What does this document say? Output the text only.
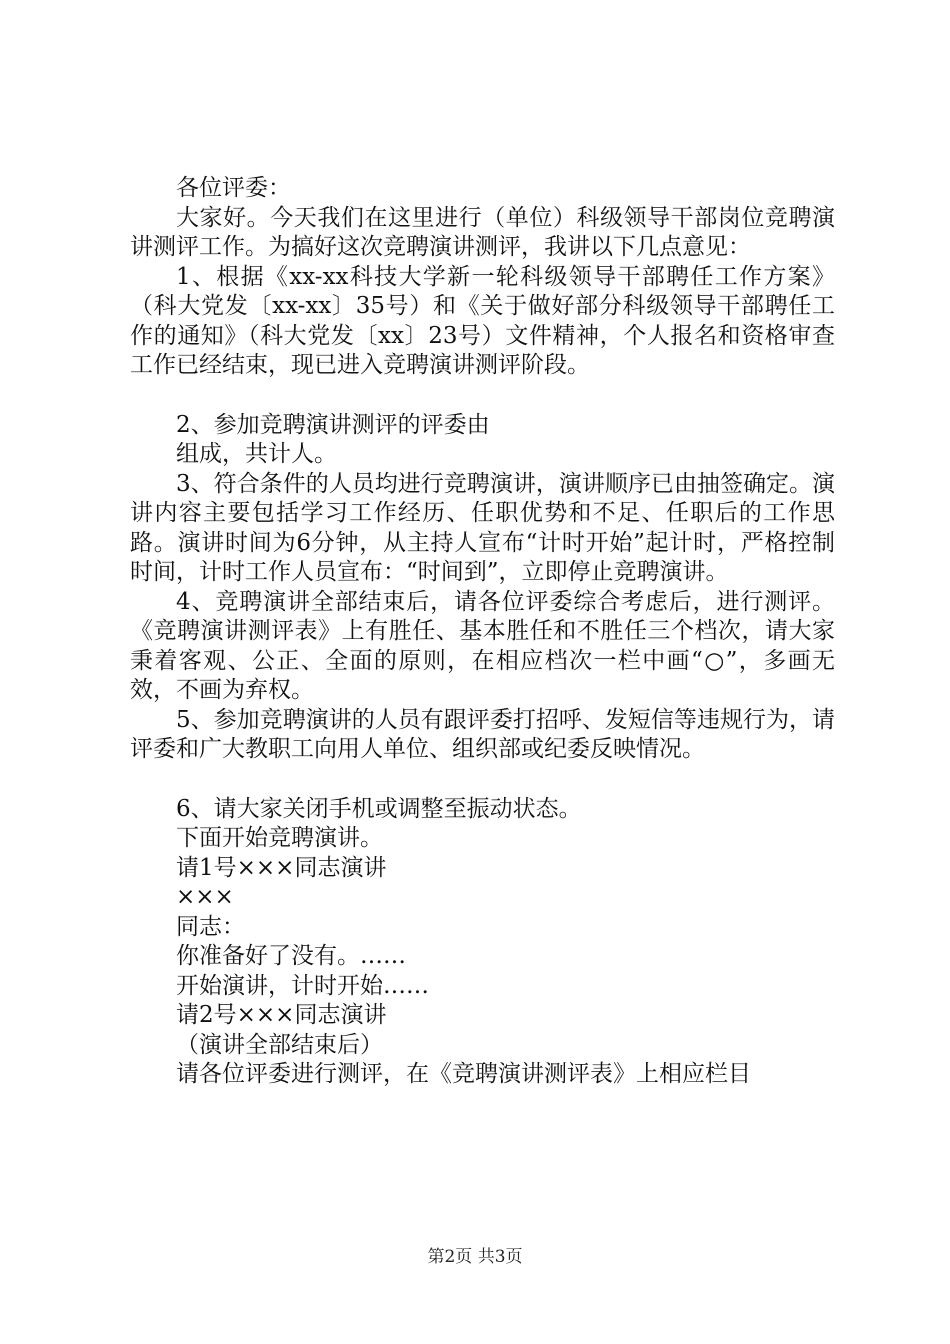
各位评委：

大家好。今天我们在这里进行（单位）科级领导干部岗位竞聘演讲测评工作。为搞好这次竞聘演讲测评，我讲以下几点意见：

1、根据《xx-xx科技大学新一轮科级领导干部聘任工作方案》（科大党发〔xx-xx〕35号）和《关于做好部分科级领导干部聘任工作的通知》（科大党发〔xx〕23号）文件精神，个人报名和资格审查工作已经结束，现已进入竞聘演讲测评阶段。

2、参加竞聘演讲测评的评委由

组成，共计人。

3、符合条件的人员均进行竞聘演讲，演讲顺序已由抽签确定。演讲内容主要包括学习工作经历、任职优势和不足、任职后的工作思路。演讲时间为6分钟，从主持人宣布“计时开始”起计时，严格控制时间，计时工作人员宣布：“时间到”，立即停止竞聘演讲。

4、竞聘演讲全部结束后，请各位评委综合考虑后，进行测评。《竞聘演讲测评表》上有胜任、基本胜任和不胜任三个档次，请大家秉着客观、公正、全面的原则，在相应档次一栏中画“○”，多画无效，不画为弃权。

5、参加竞聘演讲的人员有跟评委打招呼、发短信等违规行为，请评委和广大教职工向用人单位、组织部或纪委反映情况。

6、请大家关闭手机或调整至振动状态。

下面开始竞聘演讲。

请1号×××同志演讲

×××

同志：

你准备好了没有。……

开始演讲，计时开始……

请2号×××同志演讲

（演讲全部结束后）

请各位评委进行测评，在《竞聘演讲测评表》上相应栏目

第2页 共3页
